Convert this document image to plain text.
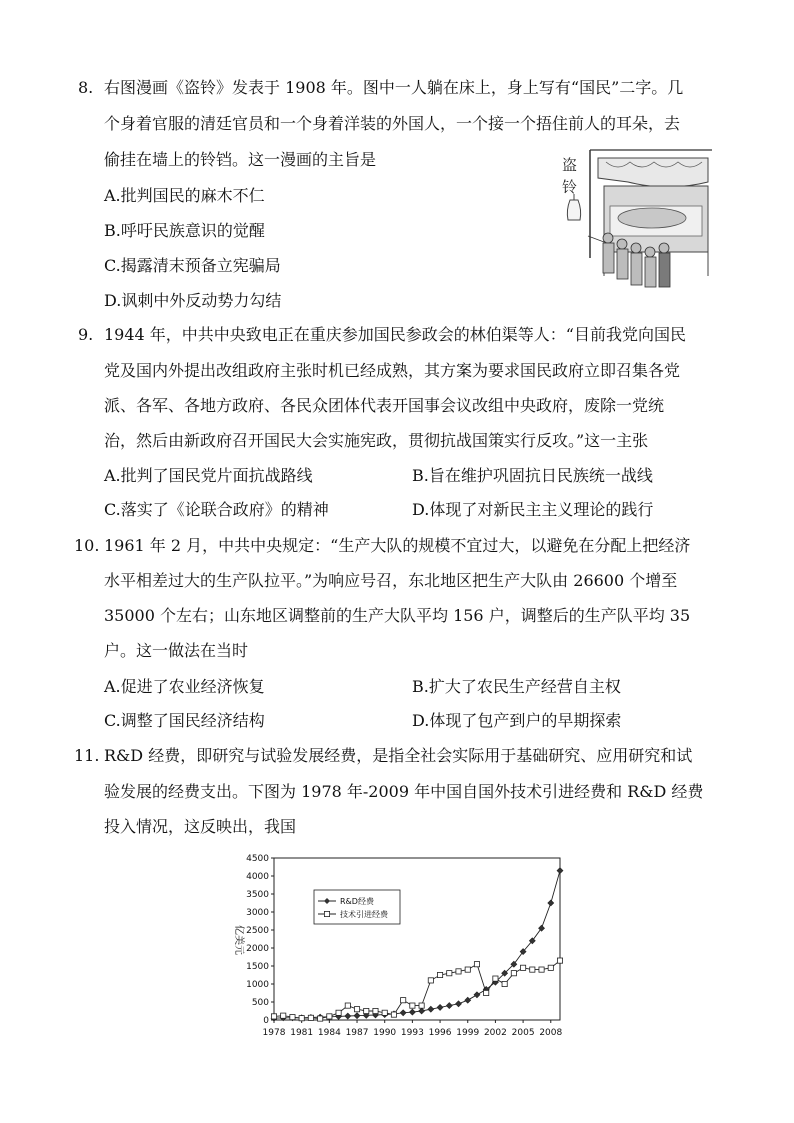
8. 右图漫画《盗铃》发表于 1908 年。图中一人躺在床上，身上写有“国民”二字。几
个身着官服的清廷官员和一个身着洋装的外国人，一个接一个捂住前人的耳朵，去
偷挂在墙上的铃铛。这一漫画的主旨是
A.批判国民的麻木不仁
B.呼吁民族意识的觉醒
C.揭露清末预备立宪骗局
D.讽刺中外反动势力勾结
盗
铃
9. 1944 年，中共中央致电正在重庆参加国民参政会的林伯渠等人：“目前我党向国民
党及国内外提出改组政府主张时机已经成熟，其方案为要求国民政府立即召集各党
派、各军、各地方政府、各民众团体代表开国事会议改组中央政府，废除一党统
治，然后由新政府召开国民大会实施宪政，贯彻抗战国策实行反攻。”这一主张
A.批判了国民党片面抗战路线	B.旨在维护巩固抗日民族统一战线
C.落实了《论联合政府》的精神	D.体现了对新民主主义理论的践行
10. 1961 年 2 月，中共中央规定：“生产大队的规模不宜过大，以避免在分配上把经济
水平相差过大的生产队拉平。”为响应号召，东北地区把生产大队由 26600 个增至
35000 个左右；山东地区调整前的生产大队平均 156 户，调整后的生产队平均 35
户。这一做法在当时
A.促进了农业经济恢复	B.扩大了农民生产经营自主权
C.调整了国民经济结构	D.体现了包产到户的早期探索
11. R&D 经费，即研究与试验发展经费，是指全社会实际用于基础研究、应用研究和试
验发展的经费支出。下图为 1978 年-2009 年中国自国外技术引进经费和 R&D 经费
投入情况，这反映出，我国
0
500
1000
1500
2000
2500
3000
3500
4000
4500
1978 1981 1984 1987 1990 1993 1996 1999 2002 2005 2008
亿美元
R&D经费
技术引进经费
